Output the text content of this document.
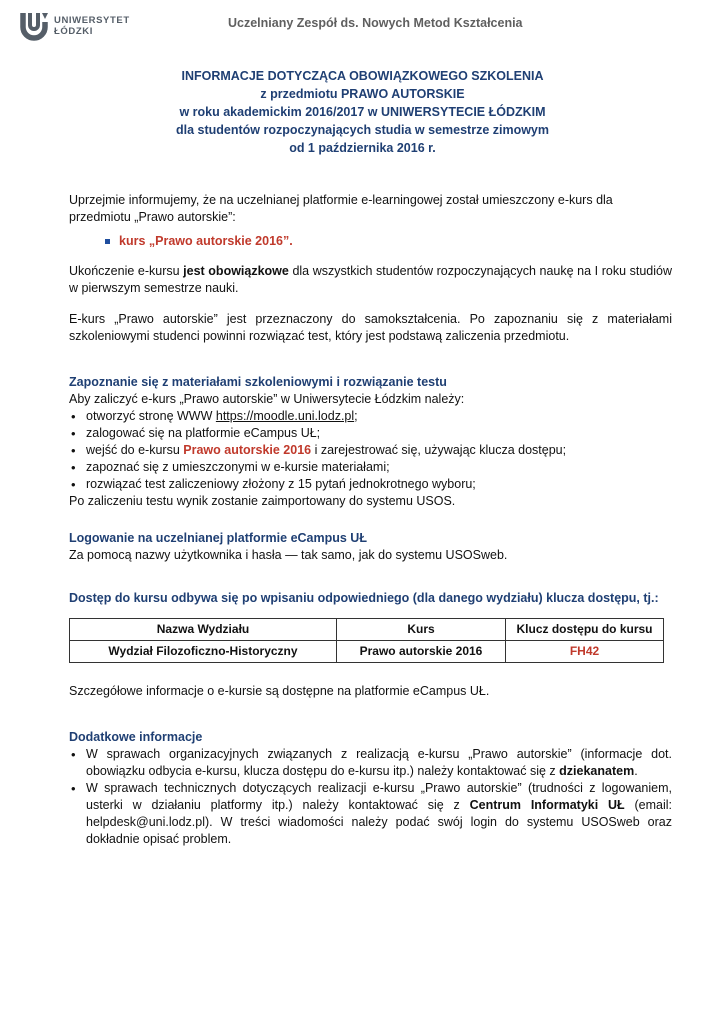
UNIWERSYTET
ŁÓDZKI
Uczelniany Zespół ds. Nowych Metod Kształcenia
INFORMACJE DOTYCZĄCA OBOWIĄZKOWEGO SZKOLENIA
z przedmiotu PRAWO AUTORSKIE
w roku akademickim 2016/2017 w UNIWERSYTECIE ŁÓDZKIM
dla studentów rozpoczynających studia w semestrze zimowym
od 1 października 2016 r.

Uprzejmie informujemy, że na uczelnianej platformie e-learningowej został umieszczony e-kurs dla przedmiotu „Prawo autorskie”:

kurs „Prawo autorskie 2016”.

Ukończenie e-kursu jest obowiązkowe dla wszystkich studentów rozpoczynających naukę na I roku studiów w pierwszym semestrze nauki.

E-kurs „Prawo autorskie” jest przeznaczony do samokształcenia. Po zapoznaniu się z materiałami szkoleniowymi studenci powinni rozwiązać test, który jest podstawą zaliczenia przedmiotu.

Zapoznanie się z materiałami szkoleniowymi i rozwiązanie testu

Aby zaliczyć e-kurs „Prawo autorskie” w Uniwersytecie Łódzkim należy:

• otworzyć stronę WWW https://moodle.uni.lodz.pl;
• zalogować się na platformie eCampus UŁ;
• wejść do e-kursu Prawo autorskie 2016 i zarejestrować się, używając klucza dostępu;
• zapoznać się z umieszczonymi w e-kursie materiałami;
• rozwiązać test zaliczeniowy złożony z 15 pytań jednokrotnego wyboru;

Po zaliczeniu testu wynik zostanie zaimportowany do systemu USOS.

Logowanie na uczelnianej platformie eCampus UŁ

Za pomocą nazwy użytkownika i hasła — tak samo, jak do systemu USOSweb.

Dostęp do kursu odbywa się po wpisaniu odpowiedniego (dla danego wydziału) klucza dostępu, tj.:

Nazwa Wydziału	Kurs	Klucz dostępu do kursu
Wydział Filozoficzno-Historyczny	Prawo autorskie 2016	FH42

Szczegółowe informacje o e-kursie są dostępne na platformie eCampus UŁ.

Dodatkowe informacje

• W sprawach organizacyjnych związanych z realizacją e-kursu „Prawo autorskie” (informacje dot. obowiązku odbycia e-kursu, klucza dostępu do e-kursu itp.) należy kontaktować się z dziekanatem.
• W sprawach technicznych dotyczących realizacji e-kursu „Prawo autorskie” (trudności z logowaniem, usterki w działaniu platformy itp.) należy kontaktować się z Centrum Informatyki UŁ (email: helpdesk@uni.lodz.pl). W treści wiadomości należy podać swój login do systemu USOSweb oraz dokładnie opisać problem.
